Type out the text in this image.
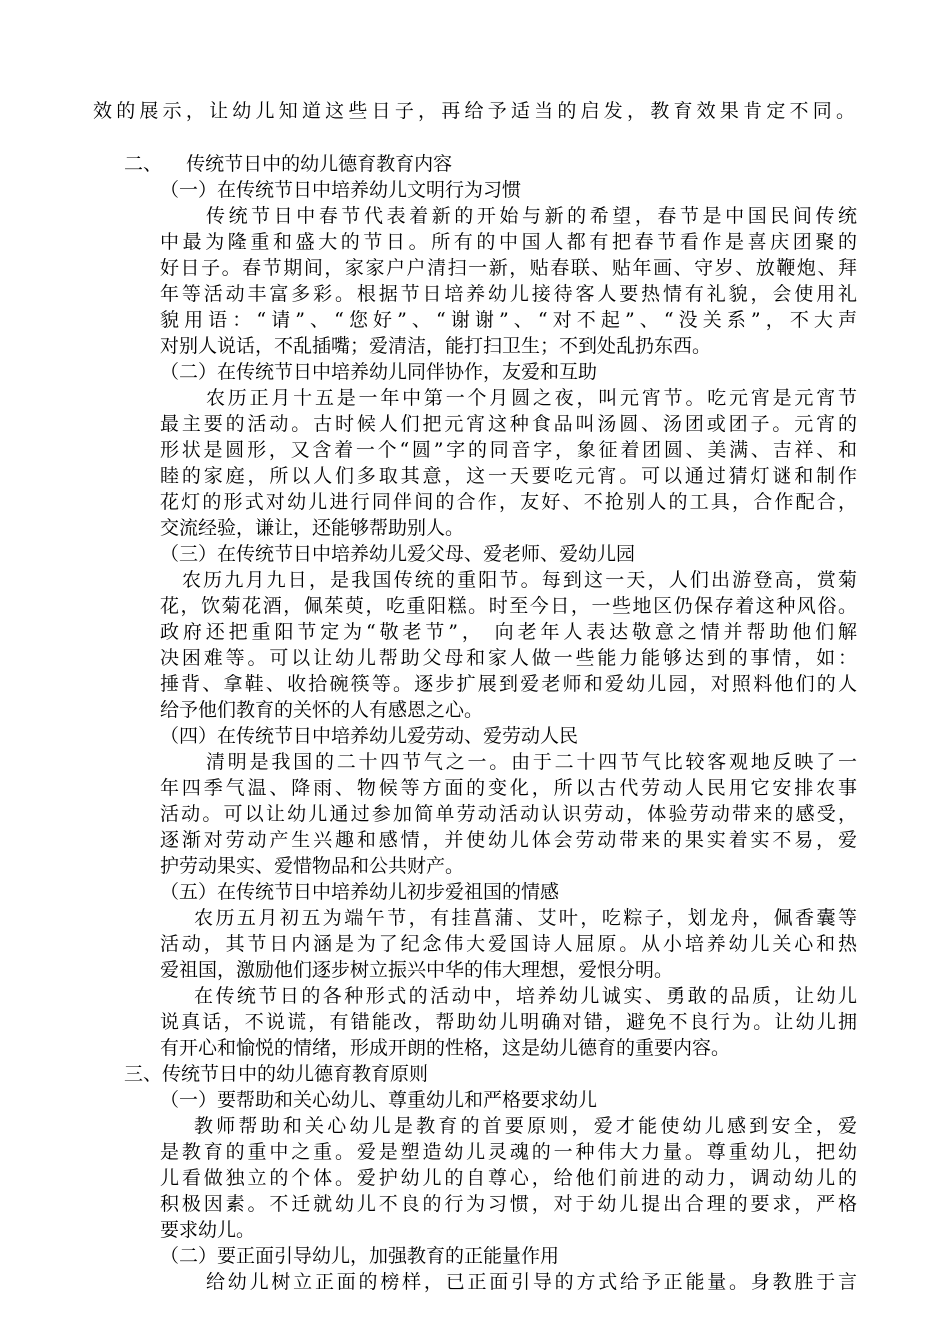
效的展示，让幼儿知道这些日子，再给予适当的启发，教育效果肯定不同。
二、    传统节日中的幼儿德育教育内容
（一）在传统节日中培养幼儿文明行为习惯
传统节日中春节代表着新的开始与新的希望，春节是中国民间传统
中最为隆重和盛大的节日。所有的中国人都有把春节看作是喜庆团聚的
好日子。春节期间，家家户户清扫一新，贴春联、贴年画、守岁、放鞭炮、拜
年等活动丰富多彩。根据节日培养幼儿接待客人要热情有礼貌，会使用礼
貌用语：“请”、“您好”、“谢谢”、“对不起”、“没关系”，不大声
对别人说话，不乱插嘴；爱清洁，能打扫卫生；不到处乱扔东西。
（二）在传统节日中培养幼儿同伴协作，友爱和互助
农历正月十五是一年中第一个月圆之夜，叫元宵节。吃元宵是元宵节
最主要的活动。古时候人们把元宵这种食品叫汤圆、汤团或团子。元宵的
形状是圆形，又含着一个“圆”字的同音字，象征着团圆、美满、吉祥、和
睦的家庭，所以人们多取其意，这一天要吃元宵。可以通过猜灯谜和制作
花灯的形式对幼儿进行同伴间的合作，友好、不抢别人的工具，合作配合，
交流经验，谦让，还能够帮助别人。
（三）在传统节日中培养幼儿爱父母、爱老师、爱幼儿园
农历九月九日，是我国传统的重阳节。每到这一天，人们出游登高，赏菊
花，饮菊花酒，佩茱萸，吃重阳糕。时至今日，一些地区仍保存着这种风俗。
政府还把重阳节定为“敬老节”， 向老年人表达敬意之情并帮助他们解
决困难等。可以让幼儿帮助父母和家人做一些能力能够达到的事情，如：
捶背、拿鞋、收拾碗筷等。逐步扩展到爱老师和爱幼儿园，对照料他们的人
给予他们教育的关怀的人有感恩之心。
（四）在传统节日中培养幼儿爱劳动、爱劳动人民
清明是我国的二十四节气之一。由于二十四节气比较客观地反映了一
年四季气温、降雨、物候等方面的变化，所以古代劳动人民用它安排农事
活动。可以让幼儿通过参加简单劳动活动认识劳动，体验劳动带来的感受，
逐渐对劳动产生兴趣和感情，并使幼儿体会劳动带来的果实着实不易，爱
护劳动果实、爱惜物品和公共财产。
（五）在传统节日中培养幼儿初步爱祖国的情感
农历五月初五为端午节，有挂菖蒲、艾叶，吃粽子，划龙舟，佩香囊等
活动，其节日内涵是为了纪念伟大爱国诗人屈原。从小培养幼儿关心和热
爱祖国，激励他们逐步树立振兴中华的伟大理想，爱恨分明。
在传统节日的各种形式的活动中，培养幼儿诚实、勇敢的品质，让幼儿
说真话，不说谎，有错能改，帮助幼儿明确对错，避免不良行为。让幼儿拥
有开心和愉悦的情绪，形成开朗的性格，这是幼儿德育的重要内容。
三、传统节日中的幼儿德育教育原则
（一）要帮助和关心幼儿、尊重幼儿和严格要求幼儿
教师帮助和关心幼儿是教育的首要原则，爱才能使幼儿感到安全，爱
是教育的重中之重。爱是塑造幼儿灵魂的一种伟大力量。尊重幼儿，把幼
儿看做独立的个体。爱护幼儿的自尊心，给他们前进的动力，调动幼儿的
积极因素。不迁就幼儿不良的行为习惯，对于幼儿提出合理的要求，严格
要求幼儿。
（二）要正面引导幼儿，加强教育的正能量作用
给幼儿树立正面的榜样，已正面引导的方式给予正能量。身教胜于言
